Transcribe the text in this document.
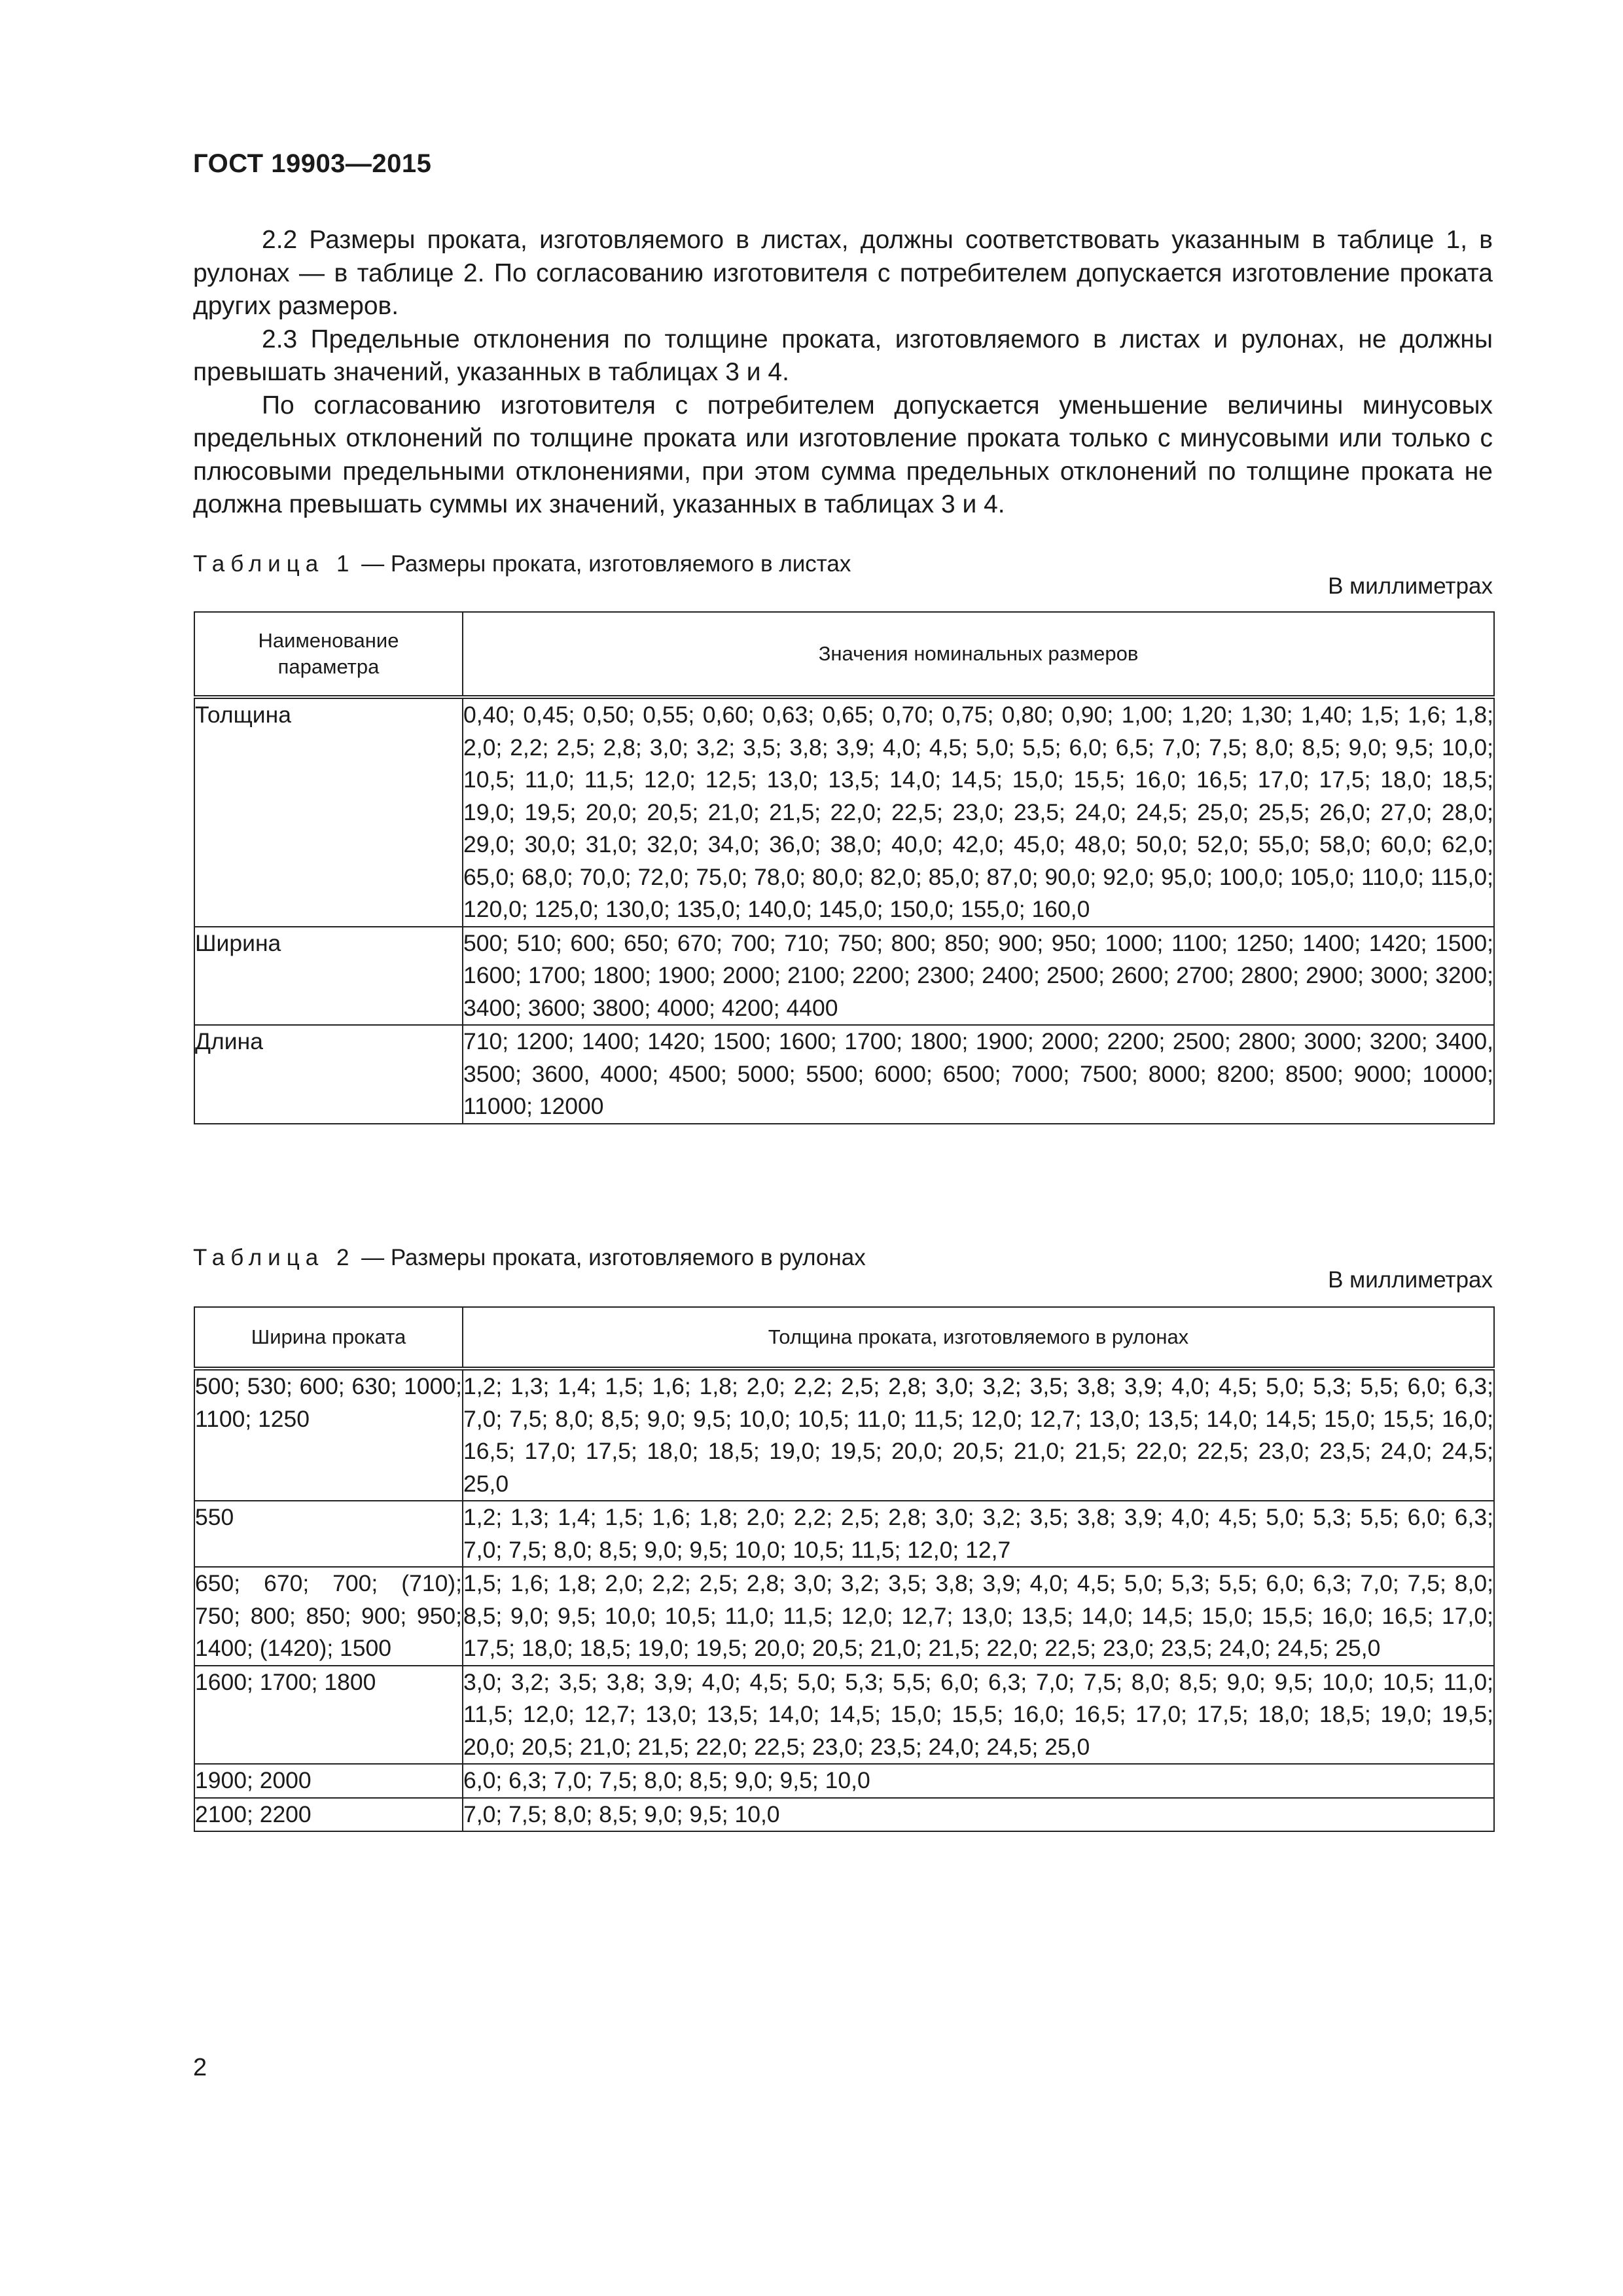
ГОСТ 19903—2015

2.2 Размеры проката, изготовляемого в листах, должны соответствовать указанным в таблице 1, в рулонах — в таблице 2. По согласованию изготовителя с потребителем допускается изготовление проката других размеров.

2.3 Предельные отклонения по толщине проката, изготовляемого в листах и рулонах, не должны превышать значений, указанных в таблицах 3 и 4.

По согласованию изготовителя с потребителем допускается уменьшение величины минусовых предельных отклонений по толщине проката или изготовление проката только с минусовыми или только с плюсовыми предельными отклонениями, при этом сумма предельных отклонений по толщине проката не должна превышать суммы их значений, указанных в таблицах 3 и 4.

Таблица 1 — Размеры проката, изготовляемого в листах
В миллиметрах
Наименование параметра	Значения номинальных размеров
Толщина	0,40; 0,45; 0,50; 0,55; 0,60; 0,63; 0,65; 0,70; 0,75; 0,80; 0,90; 1,00; 1,20; 1,30; 1,40; 1,5; 1,6; 1,8; 2,0; 2,2; 2,5; 2,8; 3,0; 3,2; 3,5; 3,8; 3,9; 4,0; 4,5; 5,0; 5,5; 6,0; 6,5; 7,0; 7,5; 8,0; 8,5; 9,0; 9,5; 10,0; 10,5; 11,0; 11,5; 12,0; 12,5; 13,0; 13,5; 14,0; 14,5; 15,0; 15,5; 16,0; 16,5; 17,0; 17,5; 18,0; 18,5; 19,0; 19,5; 20,0; 20,5; 21,0; 21,5; 22,0; 22,5; 23,0; 23,5; 24,0; 24,5; 25,0; 25,5; 26,0; 27,0; 28,0; 29,0; 30,0; 31,0; 32,0; 34,0; 36,0; 38,0; 40,0; 42,0; 45,0; 48,0; 50,0; 52,0; 55,0; 58,0; 60,0; 62,0; 65,0; 68,0; 70,0; 72,0; 75,0; 78,0; 80,0; 82,0; 85,0; 87,0; 90,0; 92,0; 95,0; 100,0; 105,0; 110,0; 115,0; 120,0; 125,0; 130,0; 135,0; 140,0; 145,0; 150,0; 155,0; 160,0
Ширина	500; 510; 600; 650; 670; 700; 710; 750; 800; 850; 900; 950; 1000; 1100; 1250; 1400; 1420; 1500; 1600; 1700; 1800; 1900; 2000; 2100; 2200; 2300; 2400; 2500; 2600; 2700; 2800; 2900; 3000; 3200; 3400; 3600; 3800; 4000; 4200; 4400
Длина	710; 1200; 1400; 1420; 1500; 1600; 1700; 1800; 1900; 2000; 2200; 2500; 2800; 3000; 3200; 3400, 3500; 3600, 4000; 4500; 5000; 5500; 6000; 6500; 7000; 7500; 8000; 8200; 8500; 9000; 10000; 11000; 12000
Таблица 2 — Размеры проката, изготовляемого в рулонах
В миллиметрах
Ширина проката	Толщина проката, изготовляемого в рулонах
500; 530; 600; 630; 1000; 1100; 1250	1,2; 1,3; 1,4; 1,5; 1,6; 1,8; 2,0; 2,2; 2,5; 2,8; 3,0; 3,2; 3,5; 3,8; 3,9; 4,0; 4,5; 5,0; 5,3; 5,5; 6,0; 6,3; 7,0; 7,5; 8,0; 8,5; 9,0; 9,5; 10,0; 10,5; 11,0; 11,5; 12,0; 12,7; 13,0; 13,5; 14,0; 14,5; 15,0; 15,5; 16,0; 16,5; 17,0; 17,5; 18,0; 18,5; 19,0; 19,5; 20,0; 20,5; 21,0; 21,5; 22,0; 22,5; 23,0; 23,5; 24,0; 24,5; 25,0
550	1,2; 1,3; 1,4; 1,5; 1,6; 1,8; 2,0; 2,2; 2,5; 2,8; 3,0; 3,2; 3,5; 3,8; 3,9; 4,0; 4,5; 5,0; 5,3; 5,5; 6,0; 6,3; 7,0; 7,5; 8,0; 8,5; 9,0; 9,5; 10,0; 10,5; 11,5; 12,0; 12,7
650; 670; 700; (710); 750; 800; 850; 900; 950; 1400; (1420); 1500	1,5; 1,6; 1,8; 2,0; 2,2; 2,5; 2,8; 3,0; 3,2; 3,5; 3,8; 3,9; 4,0; 4,5; 5,0; 5,3; 5,5; 6,0; 6,3; 7,0; 7,5; 8,0; 8,5; 9,0; 9,5; 10,0; 10,5; 11,0; 11,5; 12,0; 12,7; 13,0; 13,5; 14,0; 14,5; 15,0; 15,5; 16,0; 16,5; 17,0; 17,5; 18,0; 18,5; 19,0; 19,5; 20,0; 20,5; 21,0; 21,5; 22,0; 22,5; 23,0; 23,5; 24,0; 24,5; 25,0
1600; 1700; 1800	3,0; 3,2; 3,5; 3,8; 3,9; 4,0; 4,5; 5,0; 5,3; 5,5; 6,0; 6,3; 7,0; 7,5; 8,0; 8,5; 9,0; 9,5; 10,0; 10,5; 11,0; 11,5; 12,0; 12,7; 13,0; 13,5; 14,0; 14,5; 15,0; 15,5; 16,0; 16,5; 17,0; 17,5; 18,0; 18,5; 19,0; 19,5; 20,0; 20,5; 21,0; 21,5; 22,0; 22,5; 23,0; 23,5; 24,0; 24,5; 25,0
1900; 2000	6,0; 6,3; 7,0; 7,5; 8,0; 8,5; 9,0; 9,5; 10,0
2100; 2200	7,0; 7,5; 8,0; 8,5; 9,0; 9,5; 10,0
2
